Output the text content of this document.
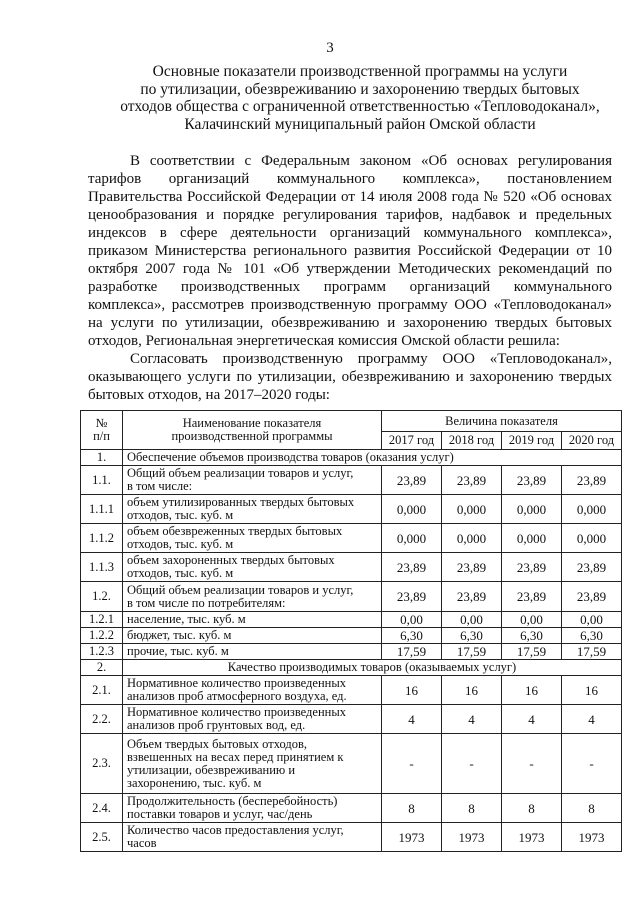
3
Основные показатели производственной программы на услуги
по утилизации, обезвреживанию и захоронению твердых бытовых
отходов общества с ограниченной ответственностью «Тепловодоканал»,
Калачинский муниципальный район Омской области

В соответствии с Федеральным законом «Об основах регулирования тарифов организаций коммунального комплекса», постановлением Правительства Российской Федерации от 14 июля 2008 года № 520 «Об основах ценообразования и порядке регулирования тарифов, надбавок и предельных индексов в сфере деятельности организаций коммунального комплекса», приказом Министерства регионального развития Российской Федерации от 10 октября 2007 года № 101 «Об утверждении Методических рекомендаций по разработке производственных программ организаций коммунального комплекса», рассмотрев производственную программу ООО «Тепловодоканал» на услуги по утилизации, обезвреживанию и захоронению твердых бытовых отходов, Региональная энергетическая комиссия Омской области решила:

Согласовать производственную программу ООО «Тепловодоканал», оказывающего услуги по утилизации, обезвреживанию и захоронению твердых бытовых отходов, на 2017–2020 годы:

№
п/п	Наименование показателя
производственной программы	Величина показателя			
		2017 год	2018 год	2019 год	2020 год
1.	Обеспечение объемов производства товаров (оказания услуг)				
1.1.	Общий объем реализации товаров и услуг,
в том числе:	23,89	23,89	23,89	23,89
1.1.1	объем утилизированных твердых бытовых
отходов, тыс. куб. м	0,000	0,000	0,000	0,000
1.1.2	объем обезвреженных твердых бытовых
отходов, тыс. куб. м	0,000	0,000	0,000	0,000
1.1.3	объем захороненных твердых бытовых
отходов, тыс. куб. м	23,89	23,89	23,89	23,89
1.2.	Общий объем реализации товаров и услуг,
в том числе по потребителям:	23,89	23,89	23,89	23,89
1.2.1	население, тыс. куб. м	0,00	0,00	0,00	0,00
1.2.2	бюджет, тыс. куб. м	6,30	6,30	6,30	6,30
1.2.3	прочие, тыс. куб. м	17,59	17,59	17,59	17,59
2.	Качество производимых товаров (оказываемых услуг)				
2.1.	Нормативное количество произведенных
анализов проб атмосферного воздуха, ед.	16	16	16	16
2.2.	Нормативное количество произведенных
анализов проб грунтовых вод, ед.	4	4	4	4
2.3.	Объем твердых бытовых отходов,
взвешенных на весах перед принятием к
утилизации, обезвреживанию и
захоронению, тыс. куб. м	-	-	-	-
2.4.	Продолжительность (бесперебойность)
поставки товаров и услуг, час/день	8	8	8	8
2.5.	Количество часов предоставления услуг,
часов	1973	1973	1973	1973
